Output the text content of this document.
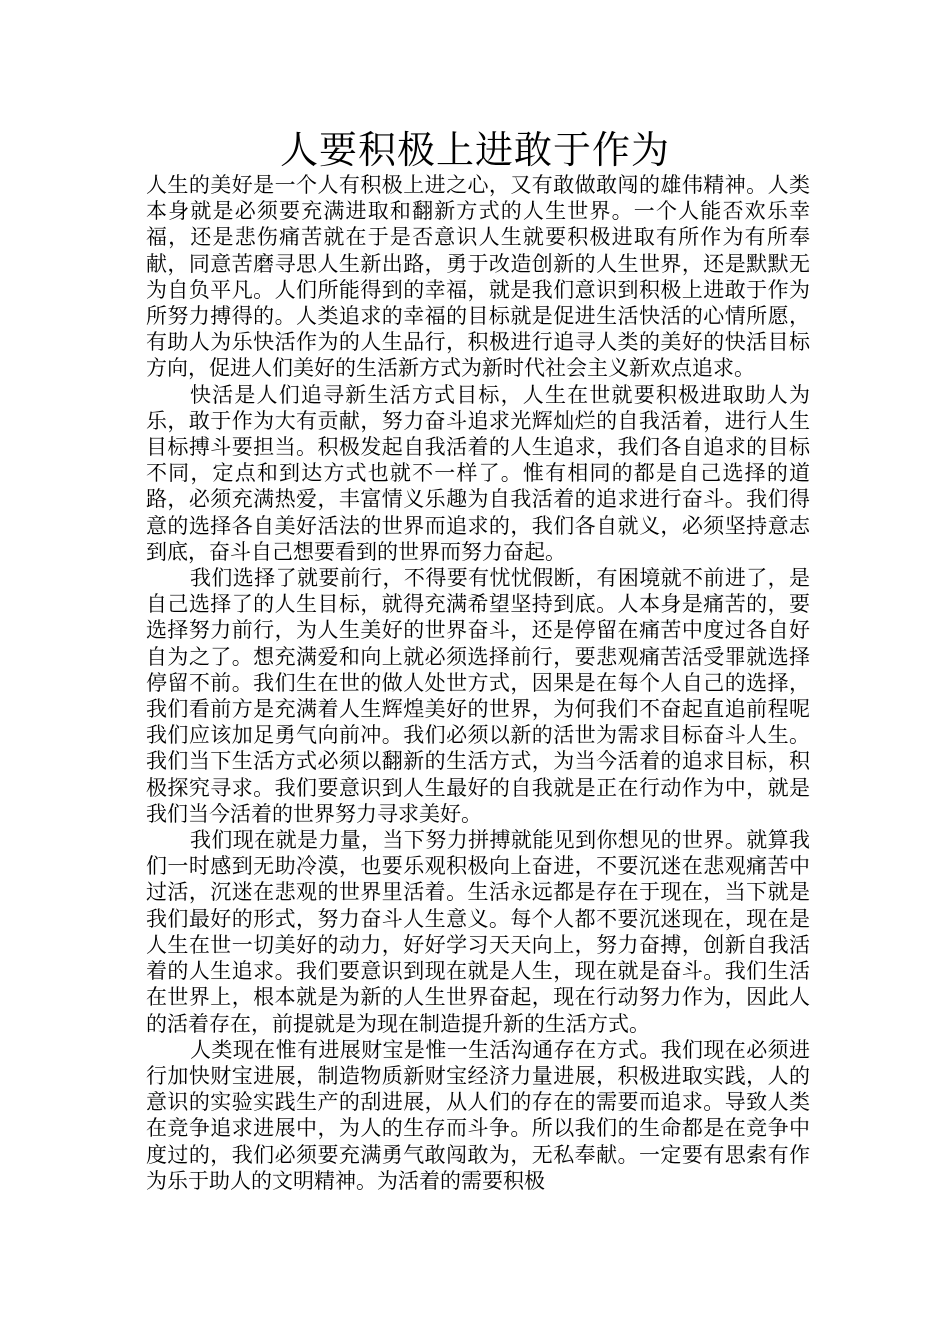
人要积极上进敢于作为

人生的美好是一个人有积极上进之心，又有敢做敢闯的雄伟精神。人类本身就是必须要充满进取和翻新方式的人生世界。一个人能否欢乐幸福，还是悲伤痛苦就在于是否意识人生就要积极进取有所作为有所奉献，同意苦磨寻思人生新出路，勇于改造创新的人生世界，还是默默无为自负平凡。人们所能得到的幸福，就是我们意识到积极上进敢于作为所努力搏得的。人类追求的幸福的目标就是促进生活快活的心情所愿，有助人为乐快活作为的人生品行，积极进行追寻人类的美好的快活目标方向，促进人们美好的生活新方式为新时代社会主义新欢点追求。

快活是人们追寻新生活方式目标，人生在世就要积极进取助人为乐，敢于作为大有贡献，努力奋斗追求光辉灿烂的自我活着，进行人生目标搏斗要担当。积极发起自我活着的人生追求，我们各自追求的目标不同，定点和到达方式也就不一样了。惟有相同的都是自己选择的道路，必须充满热爱，丰富情义乐趣为自我活着的追求进行奋斗。我们得意的选择各自美好活法的世界而追求的，我们各自就义，必须坚持意志到底，奋斗自己想要看到的世界而努力奋起。

我们选择了就要前行，不得要有忧忧假断，有困境就不前进了，是自己选择了的人生目标，就得充满希望坚持到底。人本身是痛苦的，要选择努力前行，为人生美好的世界奋斗，还是停留在痛苦中度过各自好自为之了。想充满爱和向上就必须选择前行，要悲观痛苦活受罪就选择停留不前。我们生在世的做人处世方式，因果是在每个人自己的选择，我们看前方是充满着人生辉煌美好的世界，为何我们不奋起直追前程呢我们应该加足勇气向前冲。我们必须以新的活世为需求目标奋斗人生。我们当下生活方式必须以翻新的生活方式，为当今活着的追求目标，积极探究寻求。我们要意识到人生最好的自我就是正在行动作为中，就是我们当今活着的世界努力寻求美好。

我们现在就是力量，当下努力拼搏就能见到你想见的世界。就算我们一时感到无助冷漠，也要乐观积极向上奋进，不要沉迷在悲观痛苦中过活，沉迷在悲观的世界里活着。生活永远都是存在于现在，当下就是我们最好的形式，努力奋斗人生意义。每个人都不要沉迷现在，现在是人生在世一切美好的动力，好好学习天天向上，努力奋搏，创新自我活着的人生追求。我们要意识到现在就是人生，现在就是奋斗。我们生活在世界上，根本就是为新的人生世界奋起，现在行动努力作为，因此人的活着存在，前提就是为现在制造提升新的生活方式。

人类现在惟有进展财宝是惟一生活沟通存在方式。我们现在必须进行加快财宝进展，制造物质新财宝经济力量进展，积极进取实践，人的意识的实验实践生产的刮进展，从人们的存在的需要而追求。导致人类在竞争追求进展中，为人的生存而斗争。所以我们的生命都是在竞争中度过的，我们必须要充满勇气敢闯敢为，无私奉献。一定要有思索有作为乐于助人的文明精神。为活着的需要积极
